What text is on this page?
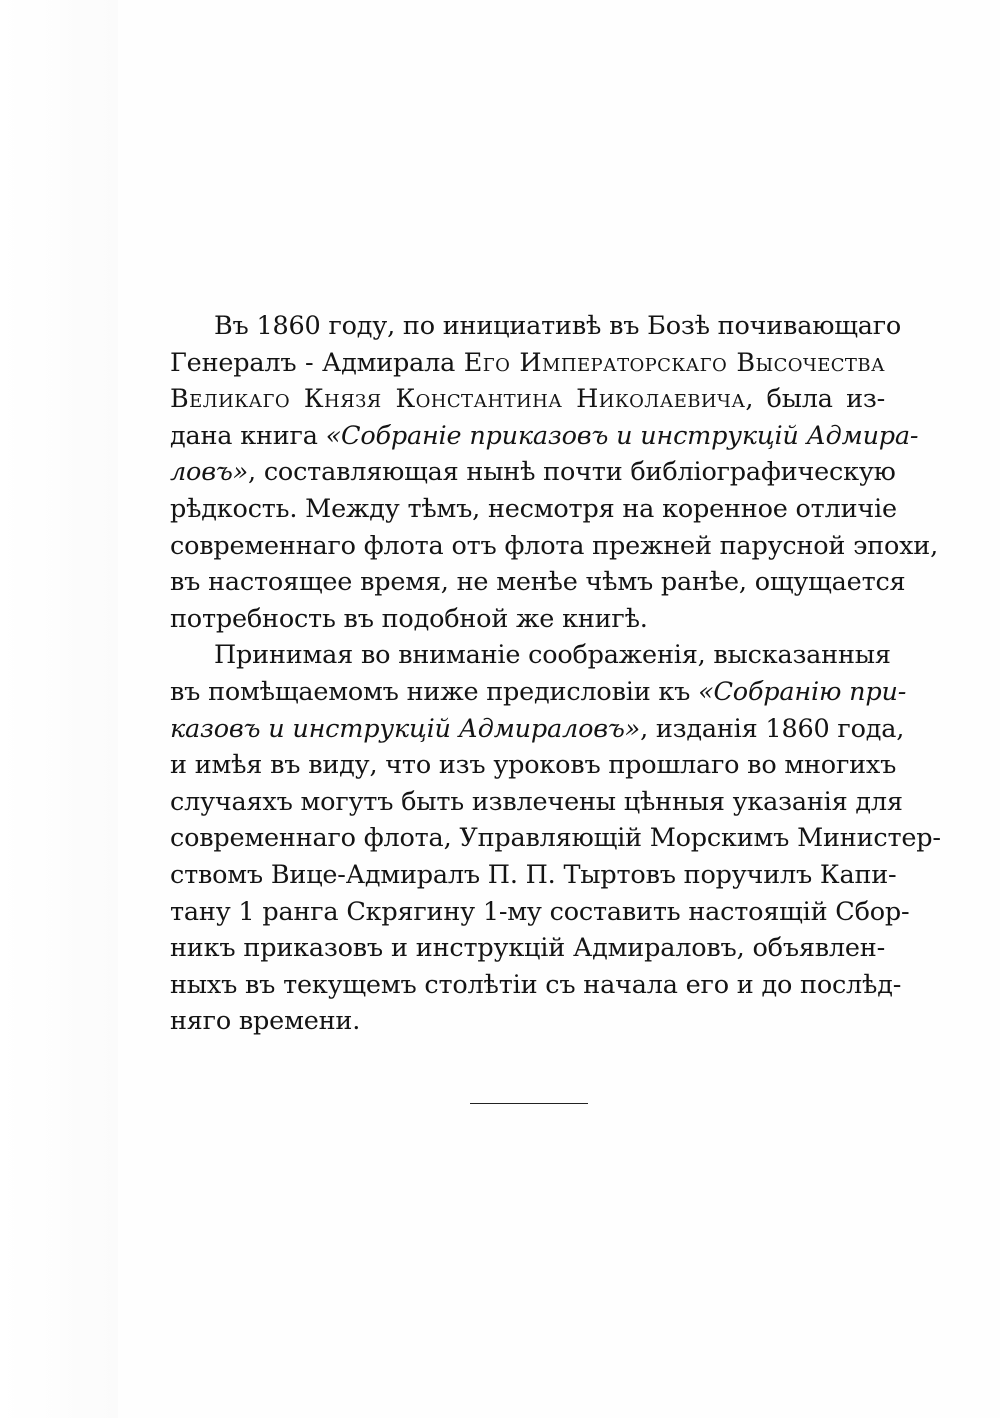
Въ 1860 году, по инициативѣ въ Бозѣ почивающаго
Генералъ - Адмирала Его Императорскаго Высочества
Великаго Князя Константина Николаевича, была из-
дана книга «Собраніе приказовъ и инструкцій Адмира-
ловъ», составляющая нынѣ почти библіографическую
рѣдкость. Между тѣмъ, несмотря на коренное отличіе
современнаго флота отъ флота прежней парусной эпохи,
въ настоящее время, не менѣе чѣмъ ранѣе, ощущается
потребность въ подобной же книгѣ.

Принимая во вниманіе соображенія, высказанныя
въ помѣщаемомъ ниже предисловіи къ «Собранію при-
казовъ и инструкцій Адмираловъ», изданія 1860 года,
и имѣя въ виду, что изъ уроковъ прошлаго во многихъ
случаяхъ могутъ быть извлечены цѣнныя указанія для
современнаго флота, Управляющій Морскимъ Министер-
ствомъ Вице-Адмиралъ П. П. Тыртовъ поручилъ Капи-
тану 1 ранга Скрягину 1-му составить настоящій Сбор-
никъ приказовъ и инструкцій Адмираловъ, объявлен-
ныхъ въ текущемъ столѣтіи съ начала его и до послѣд-
няго времени.
